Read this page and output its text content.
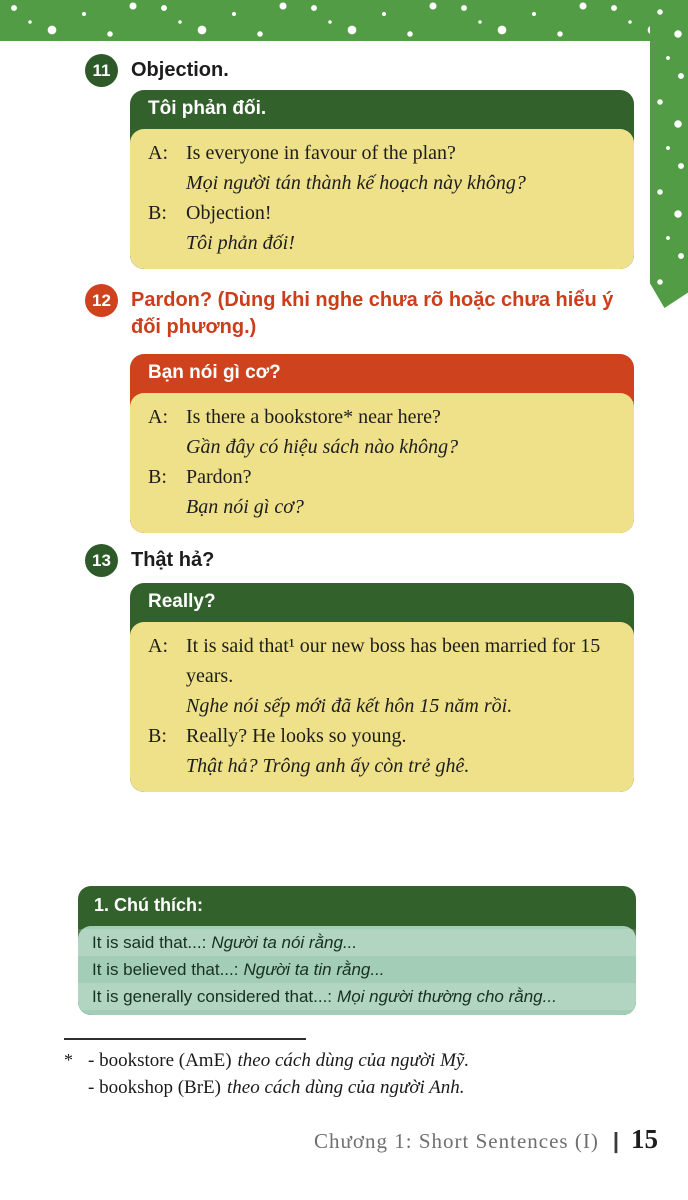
11	Objection.
Tôi phản đối.
A: Is everyone in favour of the plan?
Mọi người tán thành kế hoạch này không?
B: Objection!
Tôi phản đối!
12	Pardon? (Dùng khi nghe chưa rõ hoặc chưa hiểu ý đối phương.)
Bạn nói gì cơ?
A: Is there a bookstore* near here?
Gần đây có hiệu sách nào không?
B: Pardon?
Bạn nói gì cơ?
13	Thật hả?
Really?
A: It is said that¹ our new boss has been married for 15 years.
Nghe nói sếp mới đã kết hôn 15 năm rồi.
B: Really? He looks so young.
Thật hả? Trông anh ấy còn trẻ ghê.
1. Chú thích:
It is said that...: Người ta nói rằng...
It is believed that...: Người ta tin rằng...
It is generally considered that...: Mọi người thường cho rằng...
* - bookstore (AmE) theo cách dùng của người Mỹ.
- bookshop (BrE) theo cách dùng của người Anh.
Chương 1: Short Sentences (I) | 15
